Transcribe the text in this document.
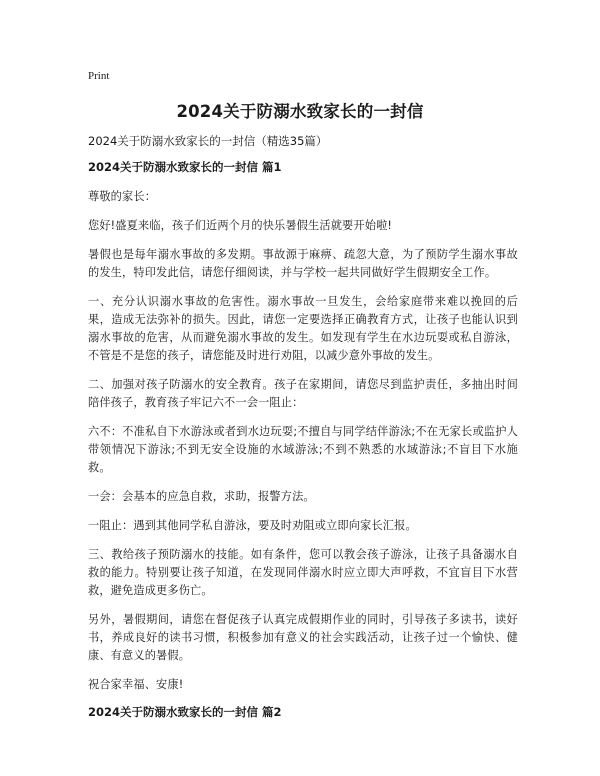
Print
2024关于防溺水致家长的一封信

2024关于防溺水致家长的一封信（精选35篇）

2024关于防溺水致家长的一封信 篇1

尊敬的家长：

您好!盛夏来临，孩子们近两个月的快乐暑假生活就要开始啦!

暑假也是每年溺水事故的多发期。事故源于麻痹、疏忽大意，为了预防学生溺水事故的发生，特印发此信，请您仔细阅读，并与学校一起共同做好学生假期安全工作。

一、充分认识溺水事故的危害性。溺水事故一旦发生，会给家庭带来难以挽回的后果，造成无法弥补的损失。因此，请您一定要选择正确教育方式，让孩子也能认识到溺水事故的危害，从而避免溺水事故的发生。如发现有学生在水边玩耍或私自游泳，不管是不是您的孩子，请您能及时进行劝阻，以减少意外事故的发生。

二、加强对孩子防溺水的安全教育。孩子在家期间，请您尽到监护责任，多抽出时间陪伴孩子，教育孩子牢记六不一会一阻止：

六不：不准私自下水游泳或者到水边玩耍;不擅自与同学结伴游泳;不在无家长或监护人带领情况下游泳;不到无安全设施的水域游泳;不到不熟悉的水域游泳;不盲目下水施救。

一会：会基本的应急自救，求助，报警方法。

一阻止：遇到其他同学私自游泳，要及时劝阻或立即向家长汇报。

三、教给孩子预防溺水的技能。如有条件，您可以教会孩子游泳，让孩子具备溺水自救的能力。特别要让孩子知道，在发现同伴溺水时应立即大声呼救，不宜盲目下水营救，避免造成更多伤亡。

另外，暑假期间，请您在督促孩子认真完成假期作业的同时，引导孩子多读书，读好书，养成良好的读书习惯，积极参加有意义的社会实践活动，让孩子过一个愉快、健康、有意义的暑假。

祝合家幸福、安康!

2024关于防溺水致家长的一封信 篇2
